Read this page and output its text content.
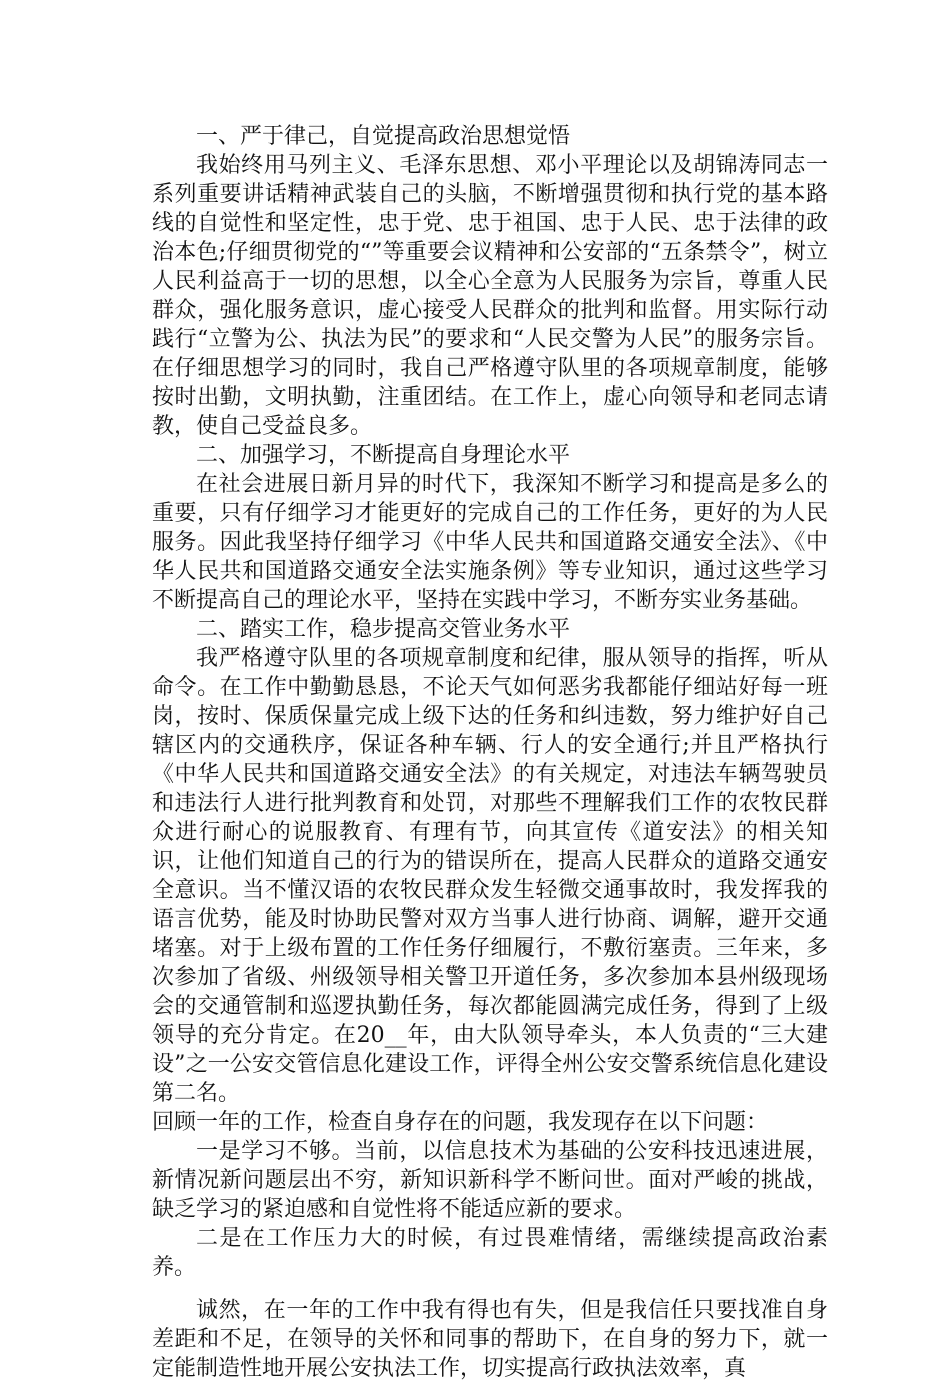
一、严于律己，自觉提高政治思想觉悟

我始终用马列主义、毛泽东思想、邓小平理论以及胡锦涛同志一系列重要讲话精神武装自己的头脑，不断增强贯彻和执行党的基本路线的自觉性和坚定性，忠于党、忠于祖国、忠于人民、忠于法律的政治本色;仔细贯彻党的“”等重要会议精神和公安部的“五条禁令”，树立人民利益高于一切的思想，以全心全意为人民服务为宗旨，尊重人民群众，强化服务意识，虚心接受人民群众的批判和监督。用实际行动践行“立警为公、执法为民”的要求和“人民交警为人民”的服务宗旨。在仔细思想学习的同时，我自己严格遵守队里的各项规章制度，能够按时出勤，文明执勤，注重团结。在工作上，虚心向领导和老同志请教，使自己受益良多。

二、加强学习，不断提高自身理论水平

在社会进展日新月异的时代下，我深知不断学习和提高是多么的重要，只有仔细学习才能更好的完成自己的工作任务，更好的为人民服务。因此我坚持仔细学习《中华人民共和国道路交通安全法》、《中华人民共和国道路交通安全法实施条例》等专业知识，通过这些学习不断提高自己的理论水平，坚持在实践中学习，不断夯实业务基础。

二、踏实工作，稳步提高交管业务水平

我严格遵守队里的各项规章制度和纪律，服从领导的指挥，听从命令。在工作中勤勤恳恳，不论天气如何恶劣我都能仔细站好每一班岗，按时、保质保量完成上级下达的任务和纠违数，努力维护好自己辖区内的交通秩序，保证各种车辆、行人的安全通行;并且严格执行《中华人民共和国道路交通安全法》的有关规定，对违法车辆驾驶员和违法行人进行批判教育和处罚，对那些不理解我们工作的农牧民群众进行耐心的说服教育、有理有节，向其宣传《道安法》的相关知识，让他们知道自己的行为的错误所在，提高人民群众的道路交通安全意识。当不懂汉语的农牧民群众发生轻微交通事故时，我发挥我的语言优势，能及时协助民警对双方当事人进行协商、调解，避开交通堵塞。对于上级布置的工作任务仔细履行，不敷衍塞责。三年来，多次参加了省级、州级领导相关警卫开道任务，多次参加本县州级现场会的交通管制和巡逻执勤任务，每次都能圆满完成任务，得到了上级领导的充分肯定。在20__年，由大队领导牵头，本人负责的“三大建设”之一公安交管信息化建设工作，评得全州公安交警系统信息化建设第二名。

回顾一年的工作，检查自身存在的问题，我发现存在以下问题：

一是学习不够。当前，以信息技术为基础的公安科技迅速进展，新情况新问题层出不穷，新知识新科学不断问世。面对严峻的挑战，缺乏学习的紧迫感和自觉性将不能适应新的要求。

二是在工作压力大的时候，有过畏难情绪，需继续提高政治素养。

诚然，在一年的工作中我有得也有失，但是我信任只要找准自身差距和不足，在领导的关怀和同事的帮助下，在自身的努力下，就一定能制造性地开展公安执法工作，切实提高行政执法效率，真
